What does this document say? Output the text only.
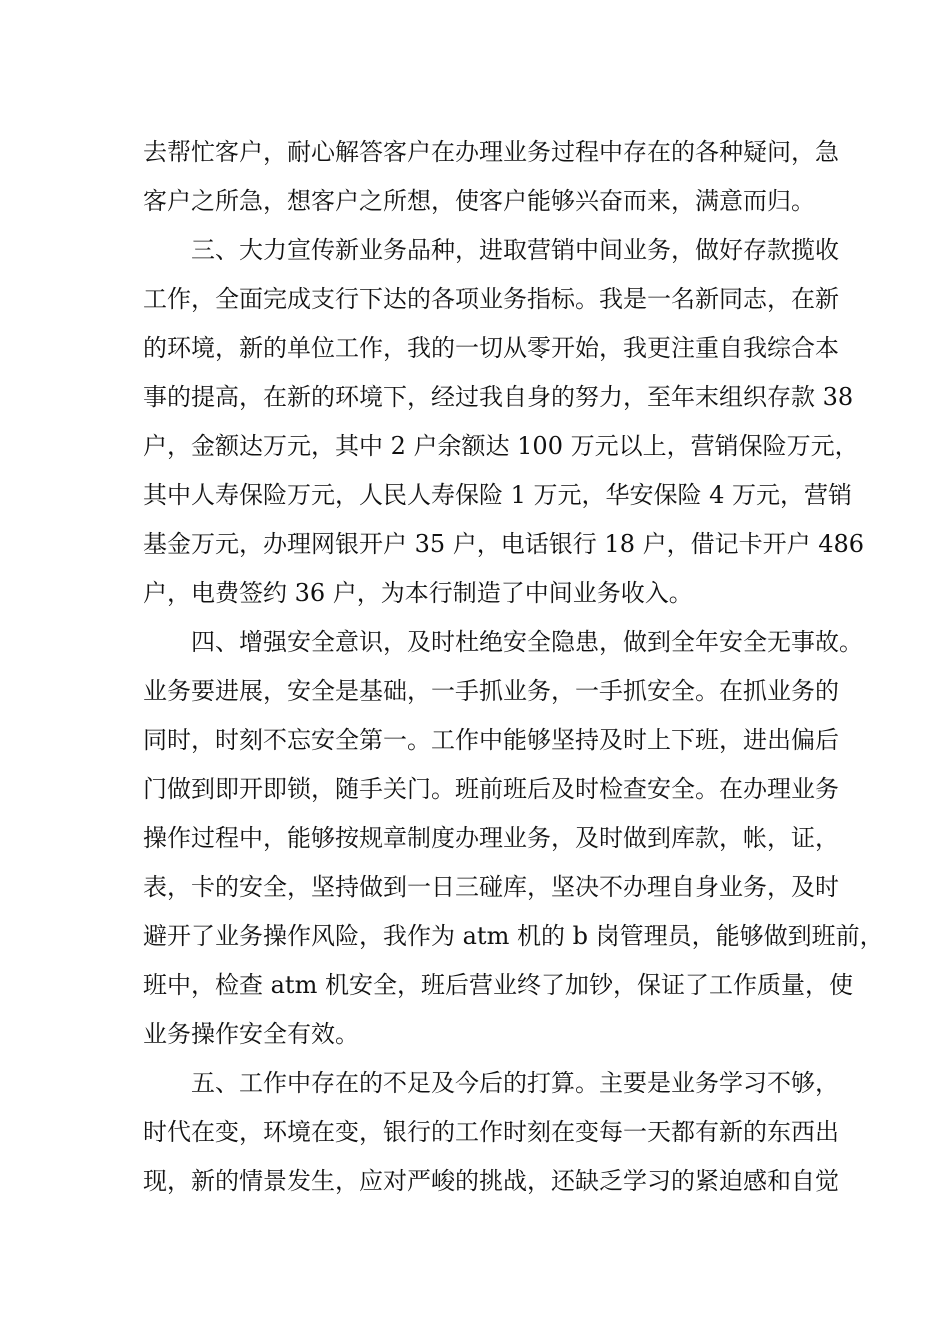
去帮忙客户，耐心解答客户在办理业务过程中存在的各种疑问，急
客户之所急，想客户之所想，使客户能够兴奋而来，满意而归。
三、大力宣传新业务品种，进取营销中间业务，做好存款揽收
工作，全面完成支行下达的各项业务指标。我是一名新同志，在新
的环境，新的单位工作，我的一切从零开始，我更注重自我综合本
事的提高，在新的环境下，经过我自身的努力，至年末组织存款 38
户，金额达万元，其中 2 户余额达 100 万元以上，营销保险万元，
其中人寿保险万元，人民人寿保险 1 万元，华安保险 4 万元，营销
基金万元，办理网银开户 35 户，电话银行 18 户，借记卡开户 486
户，电费签约 36 户，为本行制造了中间业务收入。
四、增强安全意识，及时杜绝安全隐患，做到全年安全无事故。
业务要进展，安全是基础，一手抓业务，一手抓安全。在抓业务的
同时，时刻不忘安全第一。工作中能够坚持及时上下班，进出偏后
门做到即开即锁，随手关门。班前班后及时检查安全。在办理业务
操作过程中，能够按规章制度办理业务，及时做到库款，帐，证，
表，卡的安全，坚持做到一日三碰库，坚决不办理自身业务，及时
避开了业务操作风险，我作为 atm 机的 b 岗管理员，能够做到班前，
班中，检查 atm 机安全，班后营业终了加钞，保证了工作质量，使
业务操作安全有效。
五、工作中存在的不足及今后的打算。主要是业务学习不够，
时代在变，环境在变，银行的工作时刻在变每一天都有新的东西出
现，新的情景发生，应对严峻的挑战，还缺乏学习的紧迫感和自觉
